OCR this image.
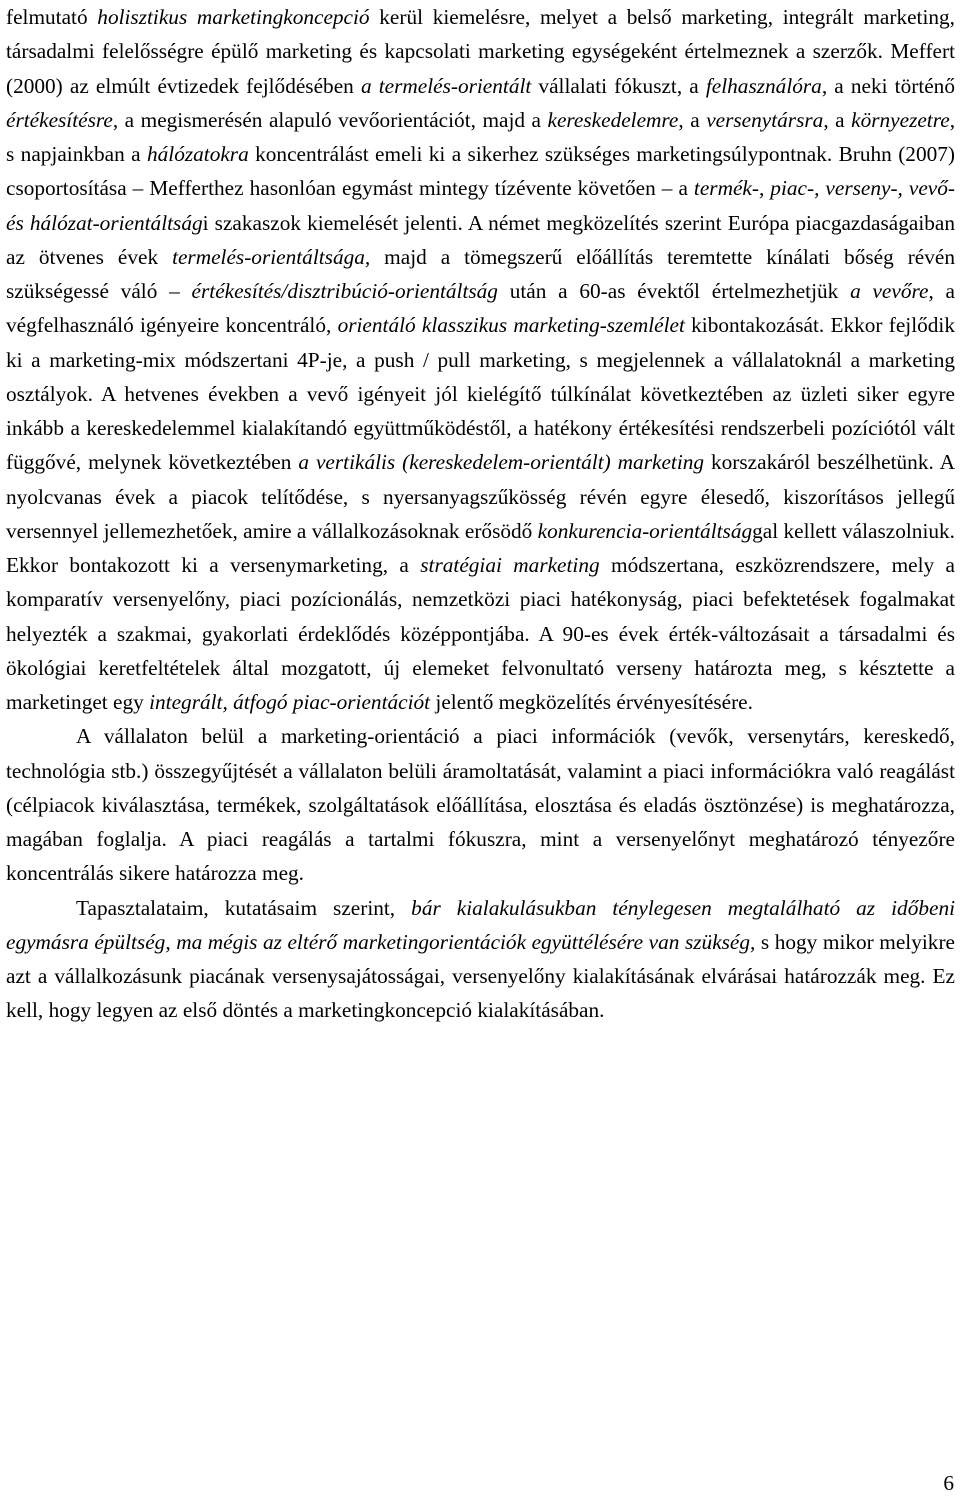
felmutató holisztikus marketingkoncepció kerül kiemelésre, melyet a belső marketing, integrált marketing, társadalmi felelősségre épülő marketing és kapcsolati marketing egységeként értelmeznek a szerzők. Meffert (2000) az elmúlt évtizedek fejlődésében a termelés-orientált vállalati fókuszt, a felhasználóra, a neki történő értékesítésre, a megismerésén alapuló vevőorientációt, majd a kereskedelemre, a versenytársra, a környezetre, s napjainkban a hálózatokra koncentrálást emeli ki a sikerhez szükséges marketingsúlypontnak. Bruhn (2007) csoportosítása – Mefferthez hasonlóan egymást mintegy tízévente követően – a termék-, piac-, verseny-, vevő- és hálózat-orientáltsági szakaszok kiemelését jelenti. A német megközelítés szerint Európa piacgazdaságaiban az ötvenes évek termelés-orientáltsága, majd a tömegszerű előállítás teremtette kínálati bőség révén szükségessé váló – értékesítés/disztribúció-orientáltság után a 60-as évektől értelmezhetjük a vevőre, a végfelhasználó igényeire koncentráló, orientáló klasszikus marketing-szemlélet kibontakozását. Ekkor fejlődik ki a marketing-mix módszertani 4P-je, a push / pull marketing, s megjelennek a vállalatoknál a marketing osztályok. A hetvenes években a vevő igényeit jól kielégítő túlkínálat következtében az üzleti siker egyre inkább a kereskedelemmel kialakítandó együttműködéstől, a hatékony értékesítési rendszerbeli pozíciótól vált függővé, melynek következtében a vertikális (kereskedelem-orientált) marketing korszakáról beszélhetünk. A nyolcvanas évek a piacok telítődése, s nyersanyagszűkösség révén egyre élesedő, kiszorításos jellegű versennyel jellemezhetőek, amire a vállalkozásoknak erősödő konkurencia-orientáltsággal kellett válaszolniuk. Ekkor bontakozott ki a versenymarketing, a stratégiai marketing módszertana, eszközrendszere, mely a komparatív versenyelőny, piaci pozícionálás, nemzetközi piaci hatékonyság, piaci befektetések fogalmakat helyezték a szakmai, gyakorlati érdeklődés középpontjába. A 90-es évek érték-változásait a társadalmi és ökológiai keretfeltételek által mozgatott, új elemeket felvonultató verseny határozta meg, s késztette a marketinget egy integrált, átfogó piac-orientációt jelentő megközelítés érvényesítésére.

A vállalaton belül a marketing-orientáció a piaci információk (vevők, versenytárs, kereskedő, technológia stb.) összegyűjtését a vállalaton belüli áramoltatását, valamint a piaci információkra való reagálást (célpiacok kiválasztása, termékek, szolgáltatások előállítása, elosztása és eladás ösztönzése) is meghatározza, magában foglalja. A piaci reagálás a tartalmi fókuszra, mint a versenyelőnyt meghatározó tényezőre koncentrálás sikere határozza meg.

Tapasztalataim, kutatásaim szerint, bár kialakulásukban ténylegesen megtalálható az időbeni egymásra épültség, ma mégis az eltérő marketingorientációk együttélésére van szükség, s hogy mikor melyikre azt a vállalkozásunk piacának versenysajátosságai, versenyelőny kialakításának elvárásai határozzák meg. Ez kell, hogy legyen az első döntés a marketingkoncepció kialakításában.

6
